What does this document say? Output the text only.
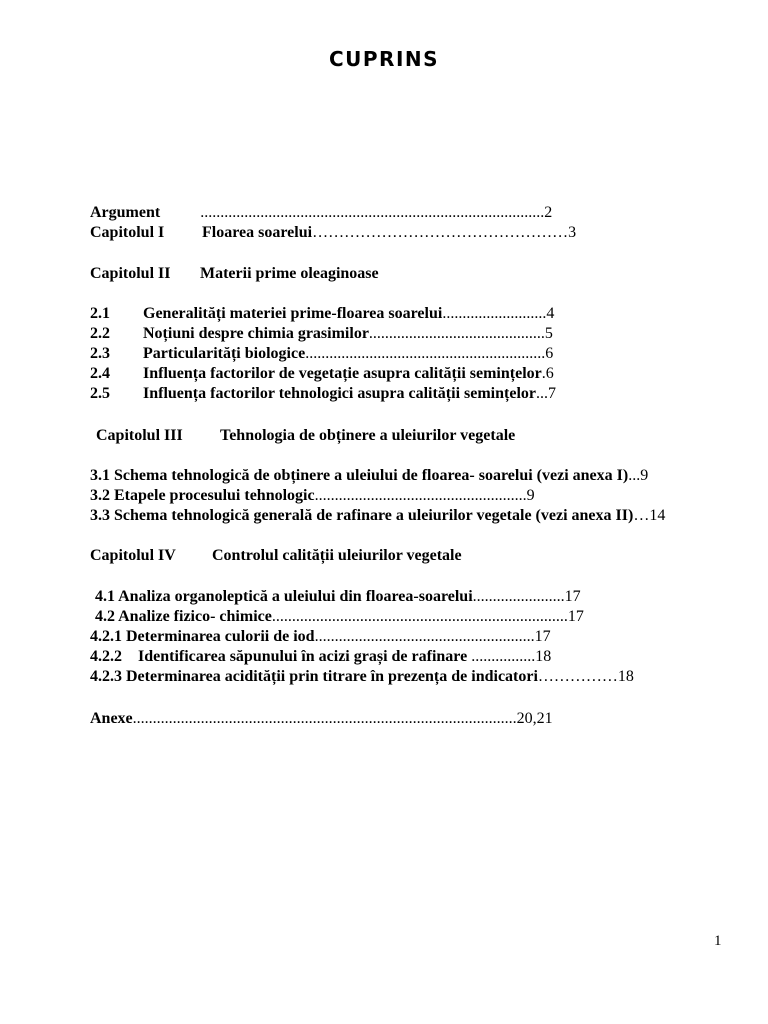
CUPRINS
Argument	......................................................................................2
Capitolul I Floarea soarelui…………………………………………3
Capitolul II Materii prime oleaginoase
2.1 Generalități materiei prime-floarea soarelui..........................4
2.2 Noțiuni despre chimia grasimilor............................................5
2.3 Particularități biologice............................................................6
2.4 Influența factorilor de vegetație asupra calității semințelor.6
2.5 Influența factorilor tehnologici asupra calității semințelor...7
Capitolul III Tehnologia de obținere a uleiurilor vegetale
3.1 Schema tehnologică de obținere a uleiului de floarea- soarelui (vezi anexa I)...9
3.2 Etapele procesului tehnologic.....................................................9
3.3 Schema tehnologică generală de rafinare a uleiurilor vegetale (vezi anexa II)…14
Capitolul IV Controlul calității uleiurilor vegetale
4.1 Analiza organoleptică a uleiului din floarea-soarelui.......................17
4.2 Analize fizico- chimice..........................................................................17
4.2.1 Determinarea culorii de iod.......................................................17
4.2.2 Identificarea săpunului în acizi grași de rafinare ................18
4.2.3 Determinarea acidității prin titrare în prezența de indicatori……………18
Anexe................................................................................................20,21
1
